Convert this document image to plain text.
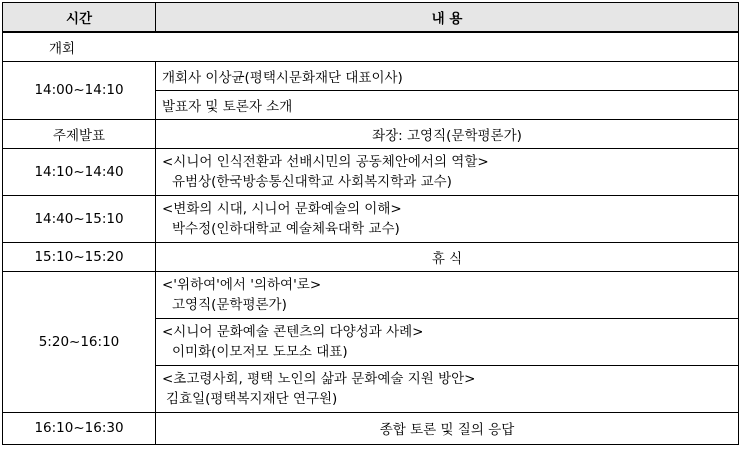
시간	내 용
개회	
14:00~14:10	개회사 이상균(평택시문화재단 대표이사)
	발표자 및 토론자 소개
주제발표	좌장: 고영직(문학평론가)
14:10~14:40	<시니어 인식전환과 선배시민의 공동체안에서의 역할>
유범상(한국방송통신대학교 사회복지학과 교수)

14:40~15:10	<변화의 시대, 시니어 문화예술의 이해>
박수정(인하대학교 예술체육대학 교수)

15:10~15:20	휴 식
5:20~16:10	<'위하여'에서 '의하여'로>
고영직(문학평론가)

	<시니어 문화예술 콘텐츠의 다양성과 사례>
이미화(이모저모 도모소 대표)

	<초고령사회, 평택 노인의 삶과 문화예술 지원 방안>
김효일(평택복지재단 연구원)

16:10~16:30	종합 토론 및 질의 응답
